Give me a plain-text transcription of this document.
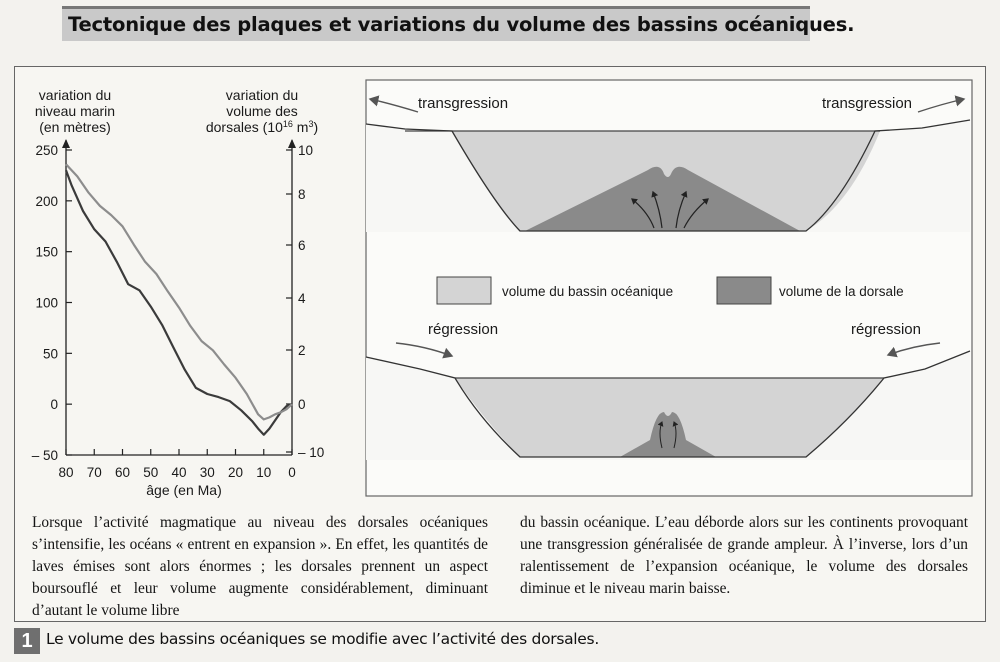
Tectonique des plaques et variations du volume des bassins océaniques.
variation du
niveau marin
(en mètres)
variation du
volume des
dorsales ($10^{16}$ $m^3$)
250
200
150
100
50
0
– 50
10
8
6
4
2
0
– 10
80 70 60 50 40 30 20 10 0
âge (en Ma)
transgression	transgression
volume du bassin océanique	volume de la dorsale
régression	régression
Lorsque l’activité magmatique au niveau des dorsales océaniques s’intensifie, les océans « entrent en expansion ». En effet, les quantités de laves émises sont alors énormes ; les dorsales prennent un aspect boursouflé et leur volume augmente considérablement, diminuant d’autant le volume libre
du bassin océanique. L’eau déborde alors sur les continents provoquant une transgression généralisée de grande ampleur. À l’inverse, lors d’un ralentissement de l’expansion océanique, le volume des dorsales diminue et le niveau marin baisse.
1 Le volume des bassins océaniques se modifie avec l’activité des dorsales.
